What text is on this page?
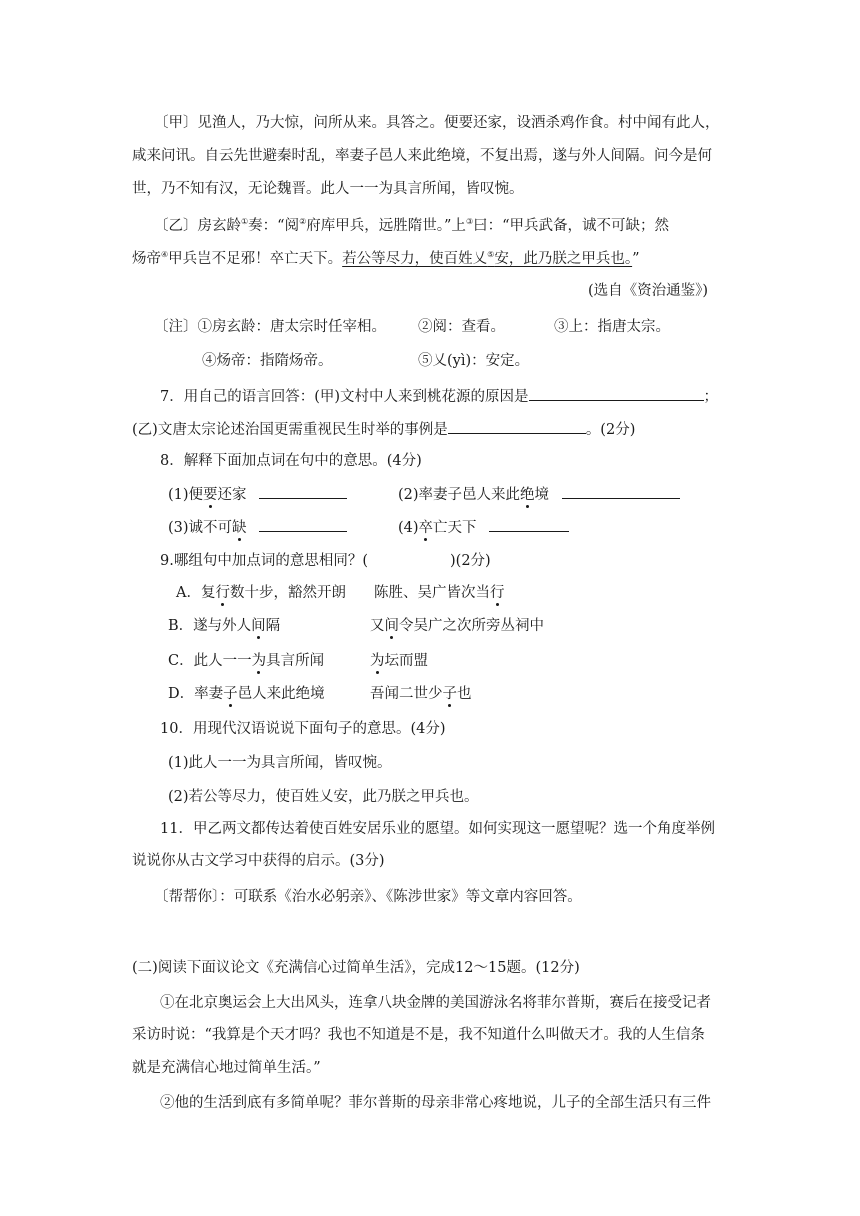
〔甲〕见渔人，乃大惊，问所从来。具答之。便要还家，设酒杀鸡作食。村中闻有此人，
咸来问讯。自云先世避秦时乱，率妻子邑人来此绝境，不复出焉，遂与外人间隔。问今是何
世，乃不知有汉，无论魏晋。此人一一为具言所闻，皆叹惋。
〔乙〕房玄龄①奏：“阅②府库甲兵，远胜隋世。”上③曰：“甲兵武备，诚不可缺；然
炀帝④甲兵岂不足邪！卒亡天下。若公等尽力，使百姓乂⑤安，此乃朕之甲兵也。”
(选自《资治通鉴》)
〔注〕①房玄龄：唐太宗时任宰相。 ②阅：查看。	③上：指唐太宗。
④炀帝：指隋炀帝。	⑤乂(yì)：安定。
7．用自己的语言回答：(甲)文村中人来到桃花源的原因是	；
(乙)文唐太宗论述治国更需重视民生时举的事例是	。(2分)
8．解释下面加点词在句中的意思。(4分)
(1)便要还家	(2)率妻子邑人来此绝境
(3)诚不可缺	(4)卒亡天下
9.哪组句中加点词的意思相同？(	)(2分)
A．复行数十步，豁然开朗 陈胜、吴广皆次当行
B．遂与外人间隔	又间令吴广之次所旁丛祠中
C．此人一一为具言所闻	为坛而盟
D．率妻子邑人来此绝境	吾闻二世少子也
10．用现代汉语说说下面句子的意思。(4分)
(1)此人一一为具言所闻，皆叹惋。
(2)若公等尽力，使百姓乂安，此乃朕之甲兵也。
11．甲乙两文都传达着使百姓安居乐业的愿望。如何实现这一愿望呢？选一个角度举例
说说你从古文学习中获得的启示。(3分)
〔帮帮你〕：可联系《治水必躬亲》、《陈涉世家》等文章内容回答。
(二)阅读下面议论文《充满信心过简单生活》，完成12～15题。(12分)
①在北京奥运会上大出风头，连拿八块金牌的美国游泳名将菲尔普斯，赛后在接受记者
采访时说：“我算是个天才吗？我也不知道是不是，我不知道什么叫做天才。我的人生信条
就是充满信心地过简单生活。”
②他的生活到底有多简单呢？菲尔普斯的母亲非常心疼地说，儿子的全部生活只有三件
